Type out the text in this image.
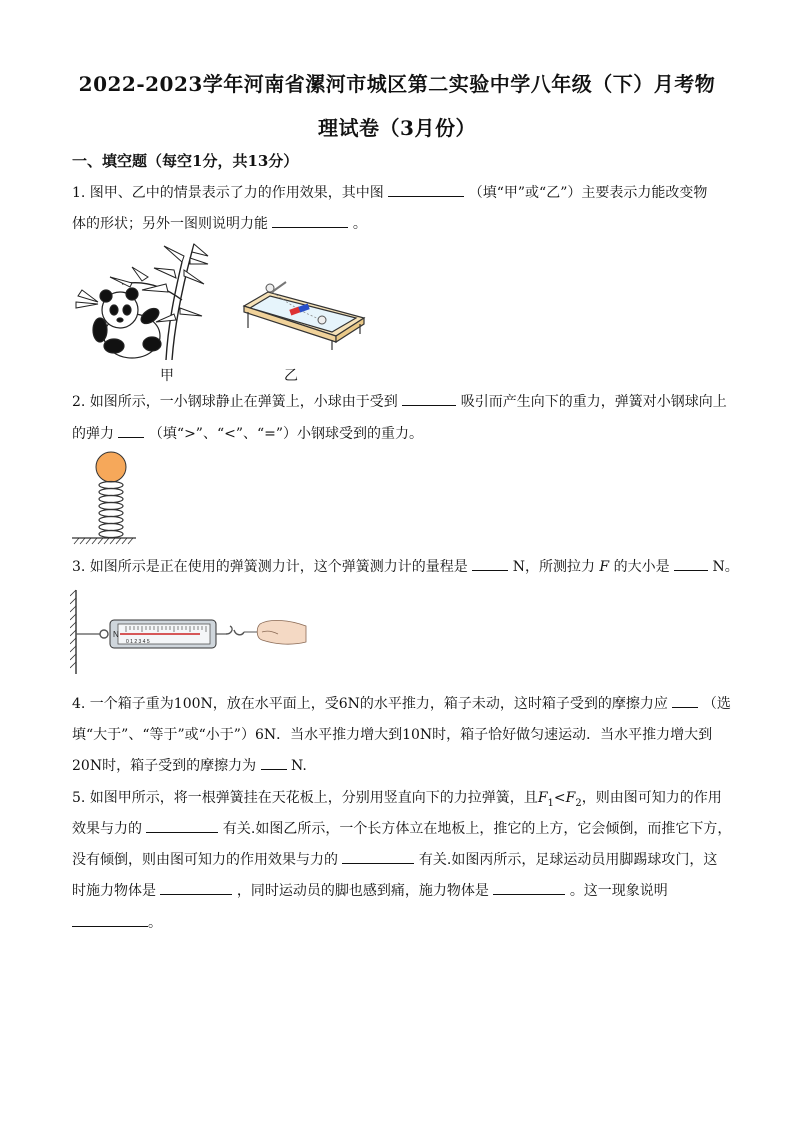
2022-2023学年河南省漯河市城区第二实验中学八年级（下）月考物
理试卷（3月份）
一、填空题（每空1分，共13分）
1. 图甲、乙中的情景表示了力的作用效果，其中图	（填“甲”或“乙”）主要表示力能改变物
体的形状；另外一图则说明力能	。
甲	乙
2. 如图所示，一小钢球静止在弹簧上，小球由于受到	吸引而产生向下的重力，弹簧对小钢球向上
的弹力 （填“>”、“<”、“=”）小钢球受到的重力。
3. 如图所示是正在使用的弹簧测力计，这个弹簧测力计的量程是	N，所测拉力 F 的大小是	N。
N
0 1 2 3 4 5
4. 一个箱子重为100N，放在水平面上，受6N的水平推力，箱子未动，这时箱子受到的摩擦力应 （选
填“大于”、“等于”或“小于”）6N．当水平推力增大到10N时，箱子恰好做匀速运动．当水平推力增大到
20N时，箱子受到的摩擦力为 N.
5. 如图甲所示，将一根弹簧挂在天花板上，分别用竖直向下的力拉弹簧，且$F_1<F_2$，则由图可知力的作用
效果与力的	有关.如图乙所示，一个长方体立在地板上，推它的上方，它会倾倒，而推它下方，
没有倾倒，则由图可知力的作用效果与力的	有关.如图丙所示，足球运动员用脚踢球攻门，这
时施力物体是	，同时运动员的脚也感到痛，施力物体是	。这一现象说明
。
